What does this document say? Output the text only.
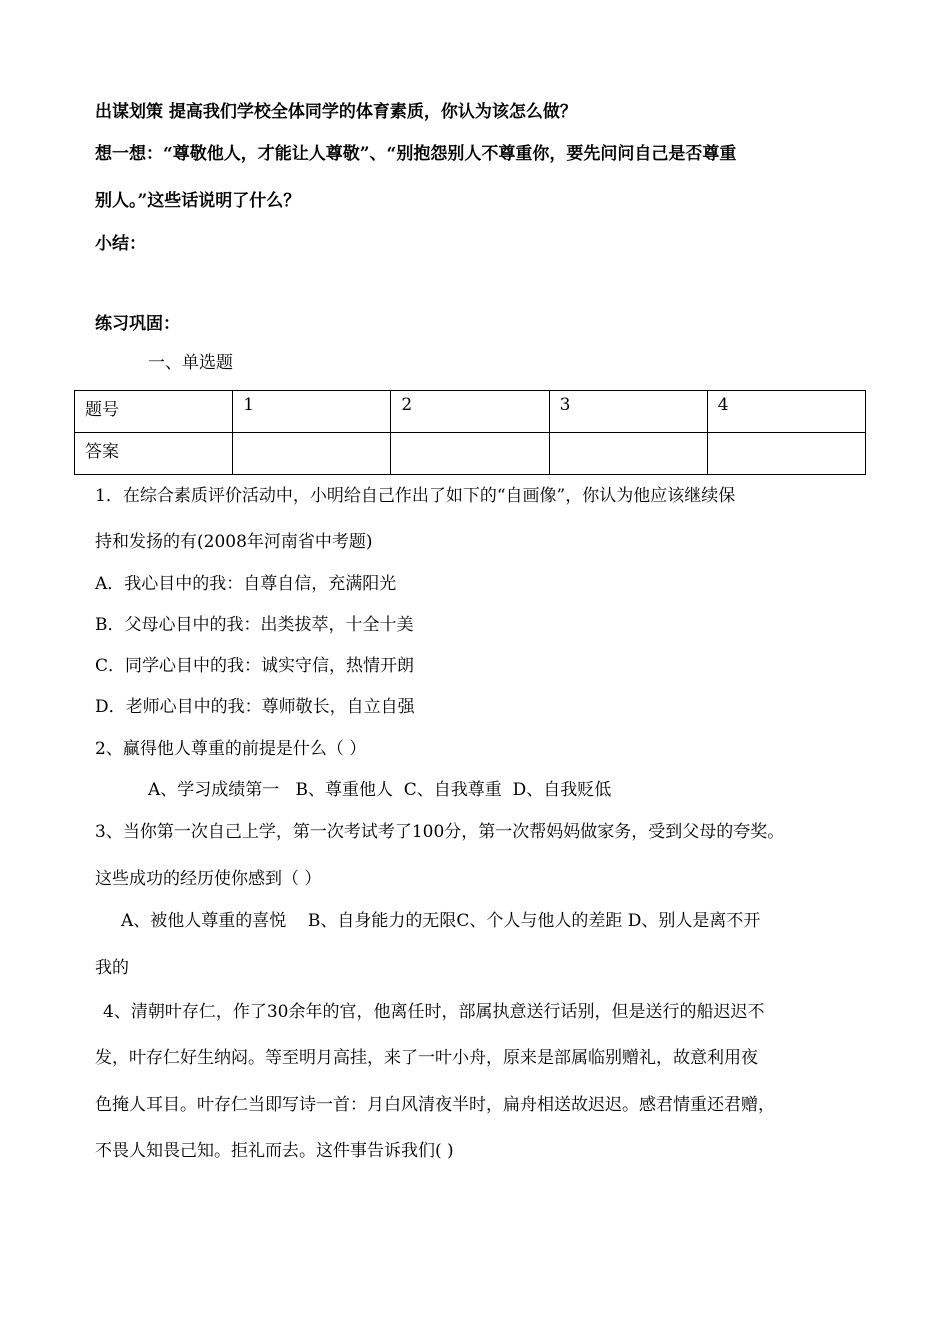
出谋划策 提高我们学校全体同学的体育素质，你认为该怎么做？
想一想：“尊敬他人，才能让人尊敬”、“别抱怨别人不尊重你，要先问问自己是否尊重
别人。”这些话说明了什么？
小结：
练习巩固：
一、单选题
题号	1	2	3	4
答案				
1．在综合素质评价活动中，小明给自己作出了如下的“自画像”，你认为他应该继续保
持和发扬的有(2008年河南省中考题)
A．我心目中的我：自尊自信，充满阳光
B．父母心目中的我：出类拔萃，十全十美
C．同学心目中的我：诚实守信，热情开朗
D．老师心目中的我：尊师敬长，自立自强
2、赢得他人尊重的前提是什么（ ）
A、学习成绩第一   B、尊重他人  C、自我尊重  D、自我贬低
3、当你第一次自己上学，第一次考试考了100分，第一次帮妈妈做家务，受到父母的夸奖。
这些成功的经历使你感到（ ）
A、被他人尊重的喜悦    B、自身能力的无限C、个人与他人的差距 D、别人是离不开
我的
4、清朝叶存仁，作了30余年的官，他离任时，部属执意送行话别，但是送行的船迟迟不
发，叶存仁好生纳闷。等至明月高挂，来了一叶小舟，原来是部属临别赠礼，故意利用夜
色掩人耳目。叶存仁当即写诗一首：月白风清夜半时，扁舟相送故迟迟。感君情重还君赠，
不畏人知畏己知。拒礼而去。这件事告诉我们( )
